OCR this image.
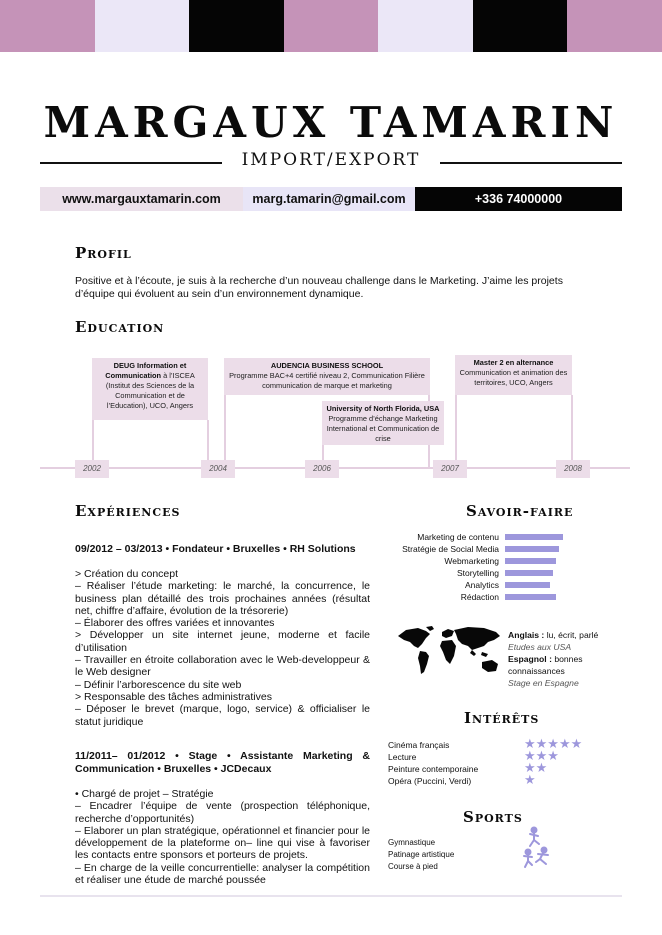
MARGAUX TAMARIN
IMPORT/EXPORT
www.margauxtamarin.com	marg.tamarin@gmail.com	+336 74000000
Profil
Positive et à l’écoute, je suis à la recherche d’un nouveau challenge dans le Marketing. J’aime les projets d’équipe qui évoluent au sein d’un environnement dynamique.
Education
DEUG Information et Communication à l’ISCEA
(Institut des Sciences de la Communication et de l’Education), UCO, Angers
AUDENCIA BUSINESS SCHOOL
Programme BAC+4 certifié niveau 2, Communication Filière communication de marque et marketing
University of North Florida, USA
Programme d’échange Marketing International et Communication de crise
Master 2 en alternance
Communication et animation des territoires, UCO, Angers
2002	2004	2006	2007	2008
Expériences
09/2012 – 03/2013 • Fondateur • Bruxelles • RH Solutions
> Création du concept
– Réaliser l’étude marketing: le marché, la concurrence, le business plan détaillé des trois prochaines années (résultat net, chiffre d’affaire, évolution de la trésorerie)
– Élaborer des offres variées et innovantes
> Développer un site internet jeune, moderne et facile d’utilisation
– Travailler en étroite collaboration avec le Web-developpeur & le Web designer
– Définir l’arborescence du site web
> Responsable des tâches administratives
– Déposer le brevet (marque, logo, service) & officialiser le statut juridique
11/2011– 01/2012 • Stage • Assistante Marketing & Communication • Bruxelles • JCDecaux
• Chargé de projet – Stratégie
– Encadrer l’équipe de vente (prospection téléphonique, recherche d’opportunités)
– Elaborer un plan stratégique, opérationnel et financier pour le développement de la plateforme on– line qui vise à favoriser les contacts entre sponsors et porteurs de projets.
– En charge de la veille concurrentielle: analyser la compétition et réaliser une étude de marché poussée
Savoir-faire
Marketing de contenu
Stratégie de Social Media
Webmarketing
Storytelling
Analytics
Rédaction
Anglais : lu, écrit, parlé
Etudes aux USA
Espagnol : bonnes connaissances
Stage en Espagne
Intérêts
Cinéma français	★★★★★
Lecture	★★★
Peinture contemporaine	★★
Opéra (Puccini, Verdi)	★
Sports
Gymnastique
Patinage artistique
Course à pied
